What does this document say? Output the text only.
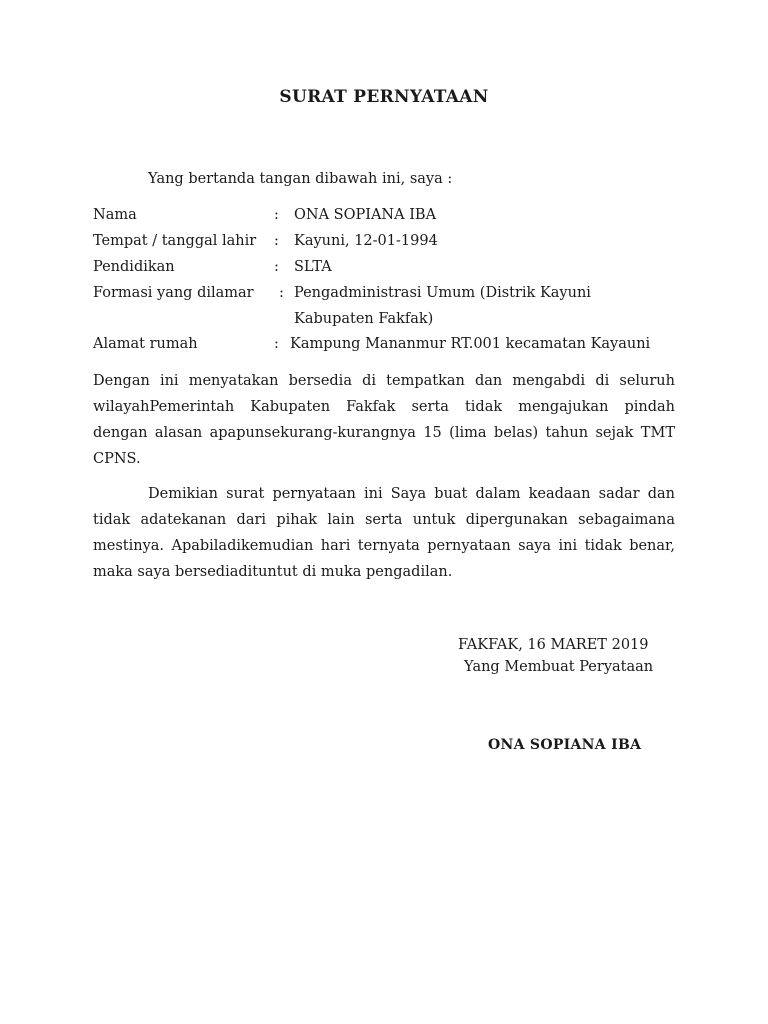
SURAT PERNYATAAN
Yang bertanda tangan dibawah ini, saya :
Nama	: ONA SOPIANA IBA
Tempat / tanggal lahir : Kayuni, 12-01-1994
Pendidikan	: SLTA
Formasi yang dilamar : Pengadministrasi Umum (Distrik Kayuni
Kabupaten Fakfak)
Alamat rumah	: Kampung Mananmur RT.001 kecamatan Kayauni
Dengan ini menyatakan bersedia di tempatkan dan mengabdi di seluruh
wilayahPemerintah Kabupaten Fakfak serta tidak mengajukan pindah
dengan alasan apapunsekurang-kurangnya 15 (lima belas) tahun sejak TMT
CPNS.
Demikian surat pernyataan ini Saya buat dalam keadaan sadar dan
tidak adatekanan dari pihak lain serta untuk dipergunakan sebagaimana
mestinya. Apabiladikemudian hari ternyata pernyataan saya ini tidak benar,
maka saya bersediadituntut di muka pengadilan.
FAKFAK, 16 MARET 2019
Yang Membuat Peryataan
ONA SOPIANA IBA
